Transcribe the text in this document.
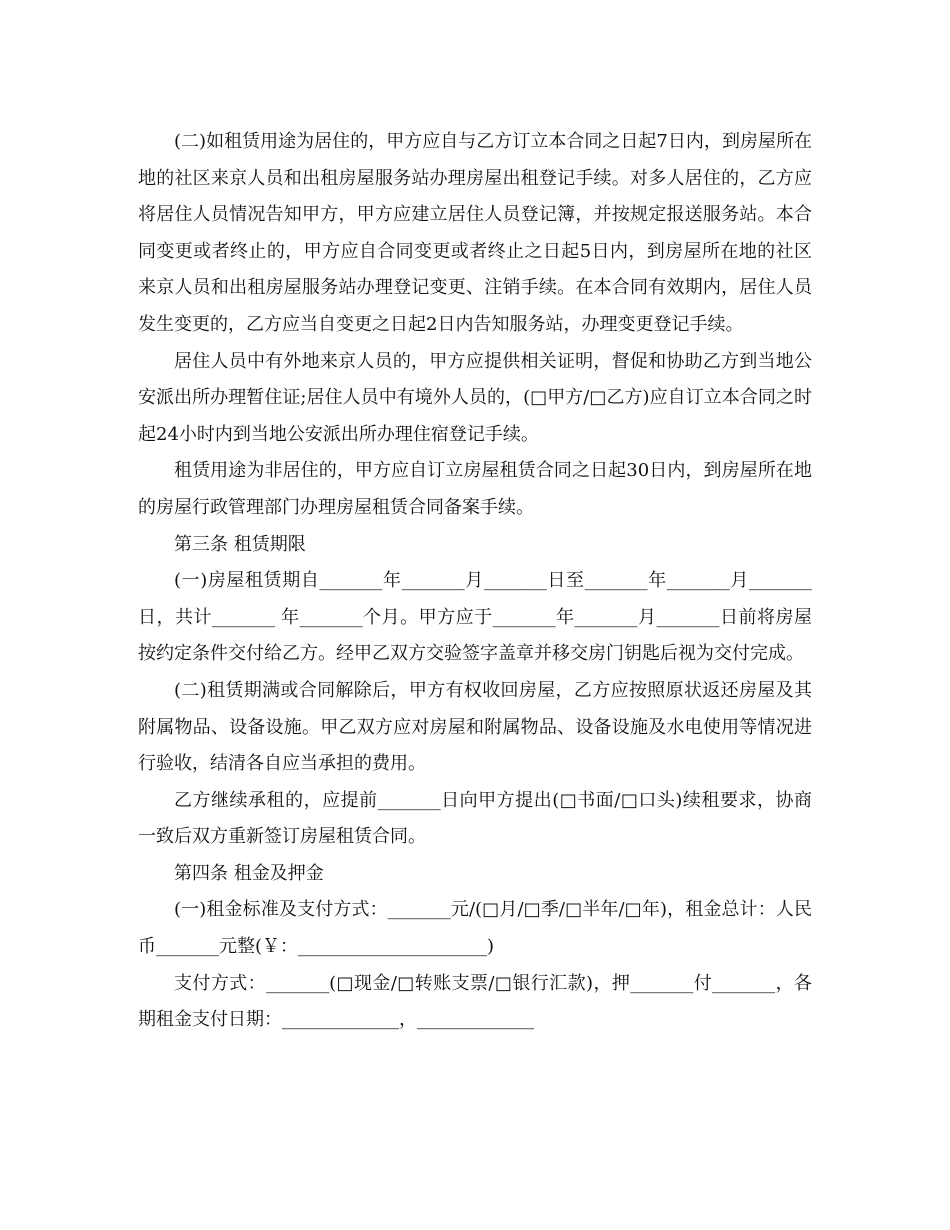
(二)如租赁用途为居住的，甲方应自与乙方订立本合同之日起7日内，到房屋所在地的社区来京人员和出租房屋服务站办理房屋出租登记手续。对多人居住的，乙方应将居住人员情况告知甲方，甲方应建立居住人员登记簿，并按规定报送服务站。本合同变更或者终止的，甲方应自合同变更或者终止之日起5日内，到房屋所在地的社区来京人员和出租房屋服务站办理登记变更、注销手续。在本合同有效期内，居住人员发生变更的，乙方应当自变更之日起2日内告知服务站，办理变更登记手续。

居住人员中有外地来京人员的，甲方应提供相关证明，督促和协助乙方到当地公安派出所办理暂住证;居住人员中有境外人员的，(□甲方/□乙方)应自订立本合同之时起24小时内到当地公安派出所办理住宿登记手续。

租赁用途为非居住的，甲方应自订立房屋租赁合同之日起30日内，到房屋所在地的房屋行政管理部门办理房屋租赁合同备案手续。

第三条 租赁期限

(一)房屋租赁期自_______年_______月_______日至_______年_______月_______日，共计_______ 年_______个月。甲方应于_______年_______月_______日前将房屋按约定条件交付给乙方。经甲乙双方交验签字盖章并移交房门钥匙后视为交付完成。

(二)租赁期满或合同解除后，甲方有权收回房屋，乙方应按照原状返还房屋及其附属物品、设备设施。甲乙双方应对房屋和附属物品、设备设施及水电使用等情况进行验收，结清各自应当承担的费用。

乙方继续承租的，应提前_______日向甲方提出(□书面/□口头)续租要求，协商一致后双方重新签订房屋租赁合同。

第四条 租金及押金

(一)租金标准及支付方式：_______元/(□月/□季/□半年/□年)，租金总计：人民币_______元整(￥：_____________________)

支付方式：_______(□现金/□转账支票/□银行汇款)，押_______付_______，各期租金支付日期：_____________，_____________
